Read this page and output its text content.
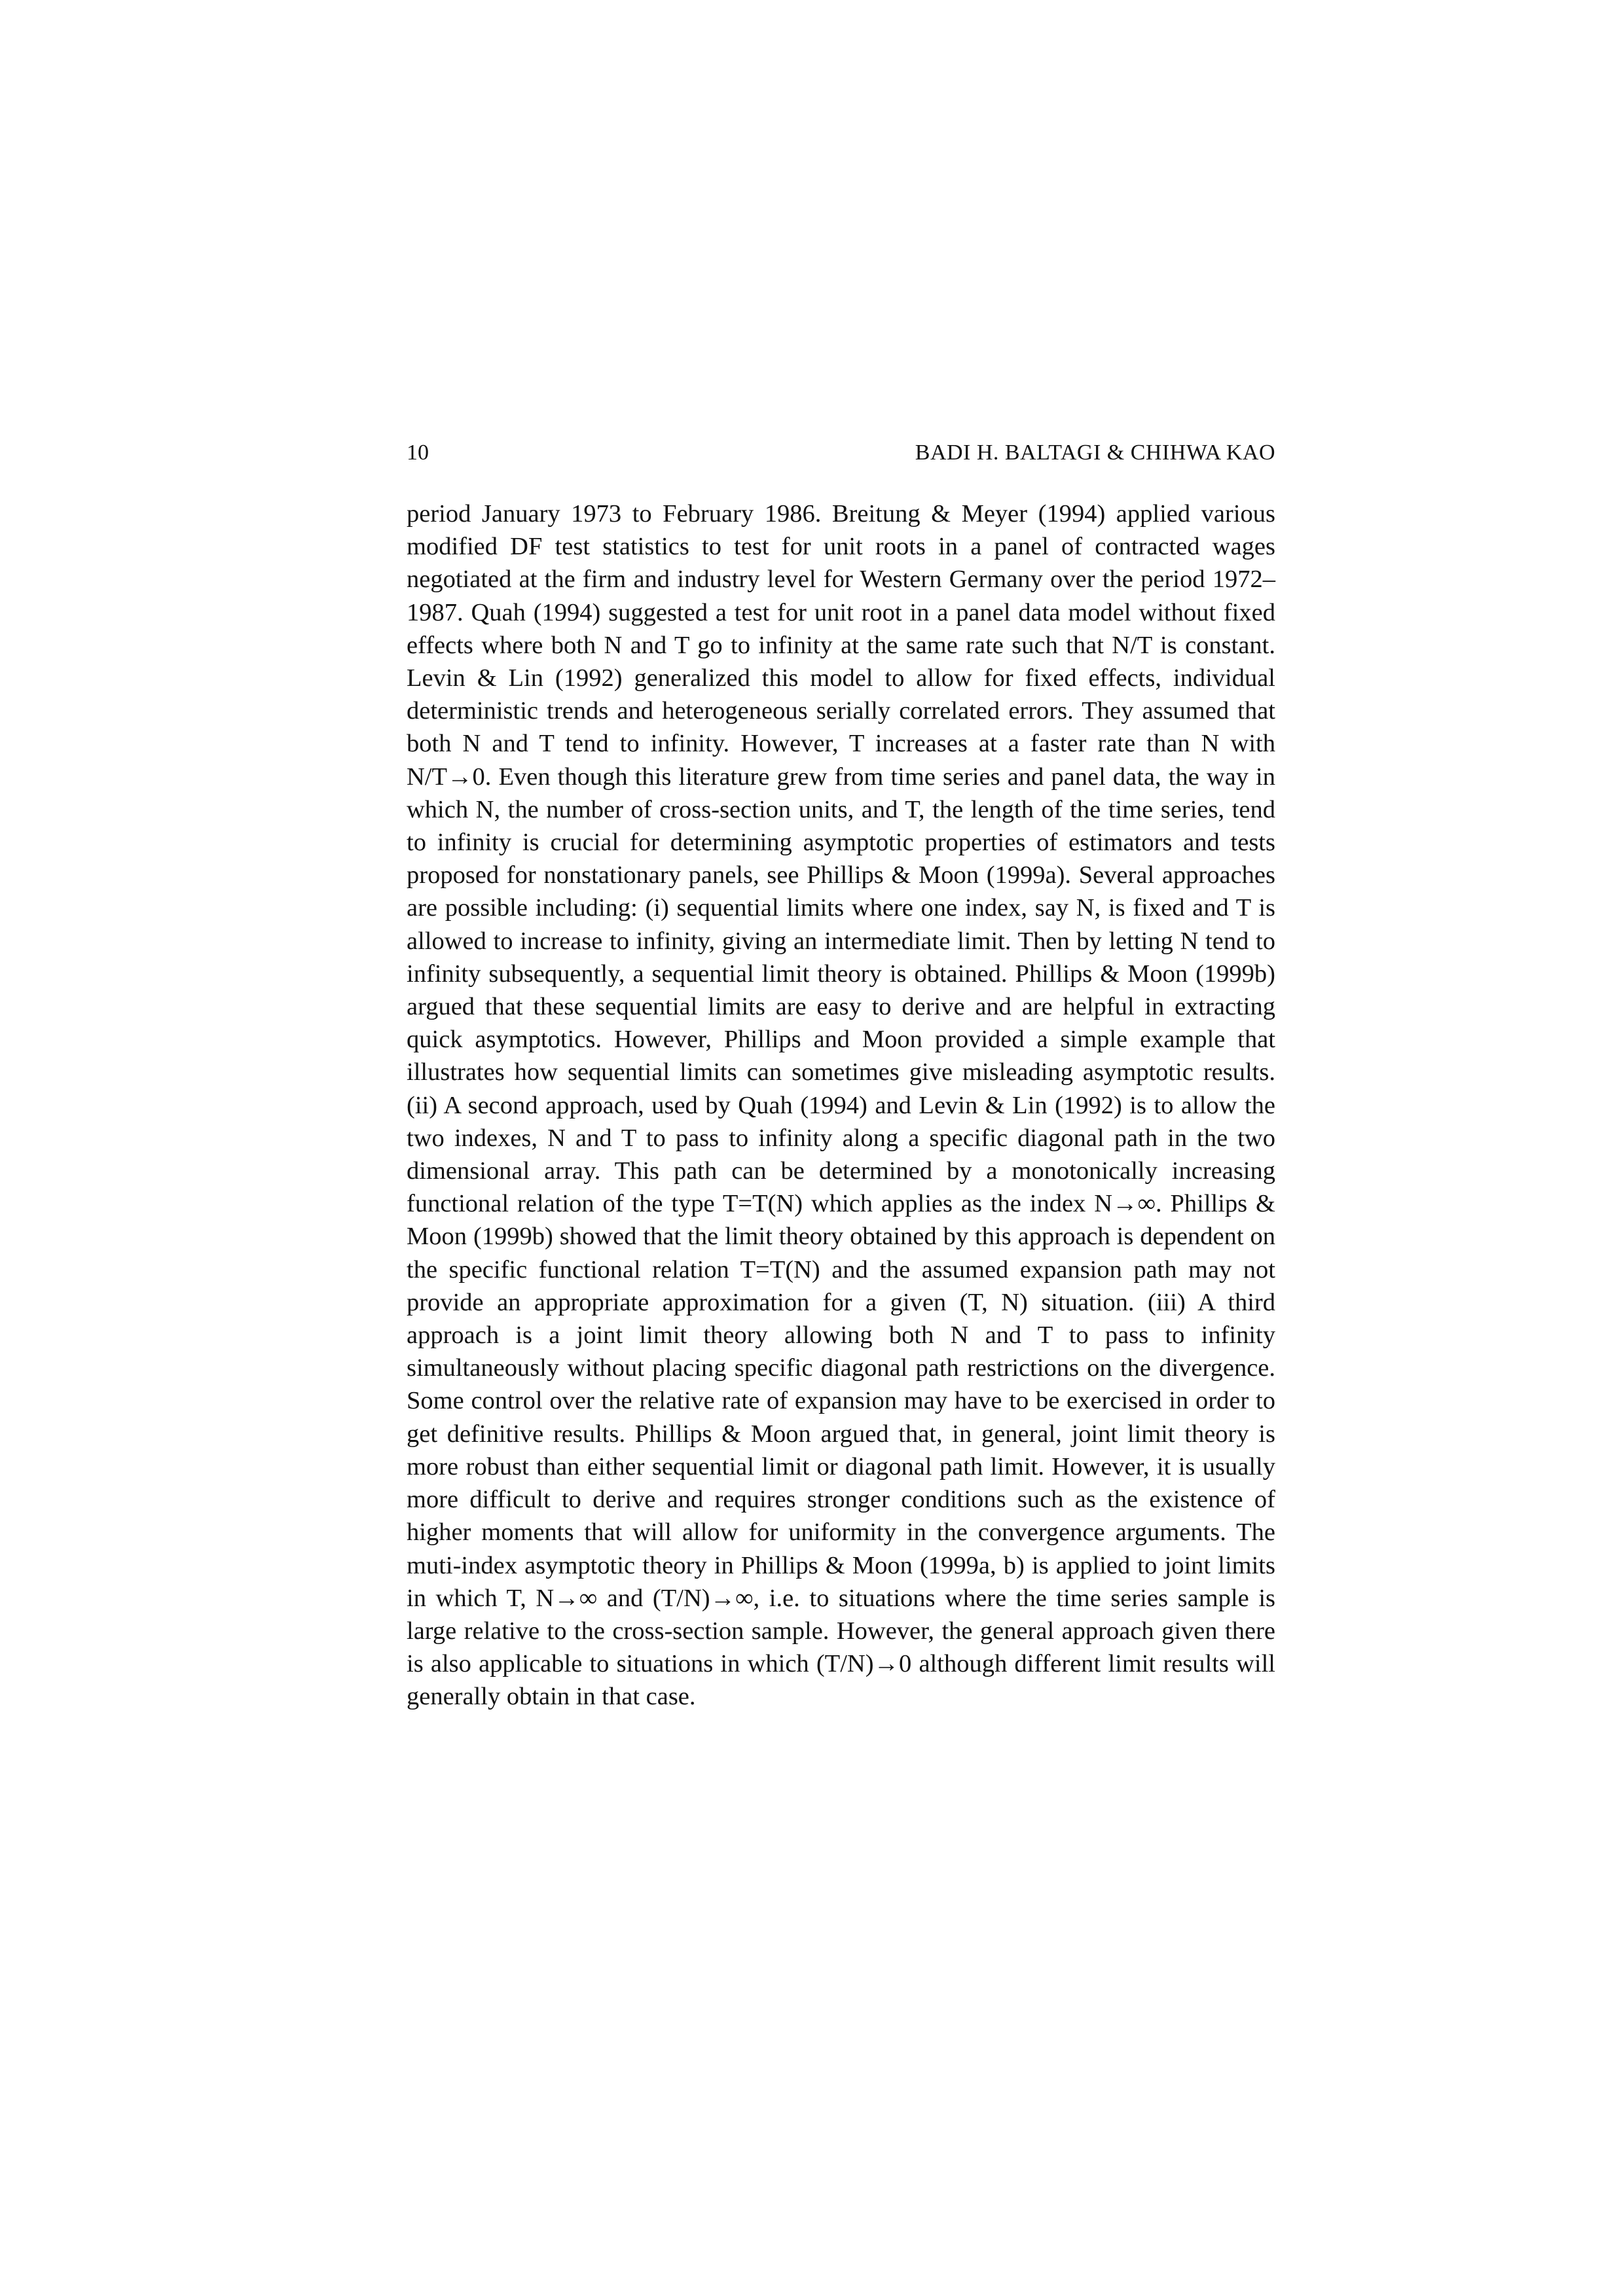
10	BADI H. BALTAGI & CHIHWA KAO

period January 1973 to February 1986. Breitung & Meyer (1994) applied various modified DF test statistics to test for unit roots in a panel of contracted wages negotiated at the firm and industry level for Western Germany over the period 1972–1987. Quah (1994) suggested a test for unit root in a panel data model without fixed effects where both N and T go to infinity at the same rate such that N/T is constant. Levin & Lin (1992) generalized this model to allow for fixed effects, individual deterministic trends and heterogeneous serially correlated errors. They assumed that both N and T tend to infinity. However, T increases at a faster rate than N with N/T→0. Even though this literature grew from time series and panel data, the way in which N, the number of cross-section units, and T, the length of the time series, tend to infinity is crucial for determining asymptotic properties of estimators and tests proposed for nonstationary panels, see Phillips & Moon (1999a). Several approaches are possible including: (i) sequential limits where one index, say N, is fixed and T is allowed to increase to infinity, giving an intermediate limit. Then by letting N tend to infinity subsequently, a sequential limit theory is obtained. Phillips & Moon (1999b) argued that these sequential limits are easy to derive and are helpful in extracting quick asymptotics. However, Phillips and Moon provided a simple example that illustrates how sequential limits can sometimes give misleading asymptotic results. (ii) A second approach, used by Quah (1994) and Levin & Lin (1992) is to allow the two indexes, N and T to pass to infinity along a specific diagonal path in the two dimensional array. This path can be determined by a monotonically increasing functional relation of the type T=T(N) which applies as the index N→∞. Phillips & Moon (1999b) showed that the limit theory obtained by this approach is dependent on the specific functional relation T=T(N) and the assumed expansion path may not provide an appropriate approximation for a given (T, N) situation. (iii) A third approach is a joint limit theory allowing both N and T to pass to infinity simultaneously without placing specific diagonal path restrictions on the divergence. Some control over the relative rate of expansion may have to be exercised in order to get definitive results. Phillips & Moon argued that, in general, joint limit theory is more robust than either sequential limit or diagonal path limit. However, it is usually more difficult to derive and requires stronger conditions such as the existence of higher moments that will allow for uniformity in the convergence arguments. The muti-index asymptotic theory in Phillips & Moon (1999a, b) is applied to joint limits in which T, N→∞ and (T/N)→∞, i.e. to situations where the time series sample is large relative to the cross-section sample. However, the general approach given there is also applicable to situations in which (T/N)→0 although different limit results will generally obtain in that case.
